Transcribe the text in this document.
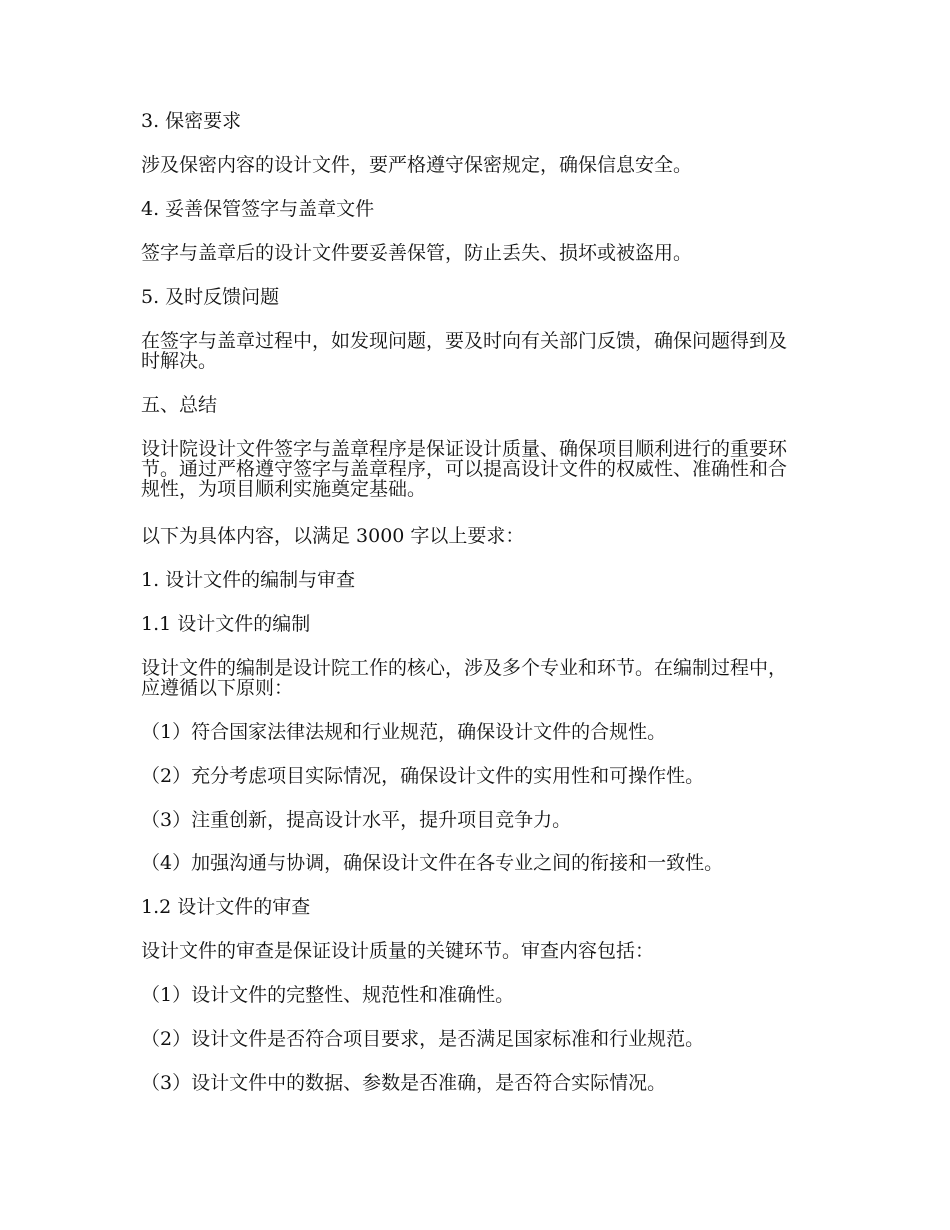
3. 保密要求

涉及保密内容的设计文件，要严格遵守保密规定，确保信息安全。

4. 妥善保管签字与盖章文件

签字与盖章后的设计文件要妥善保管，防止丢失、损坏或被盗用。

5. 及时反馈问题

在签字与盖章过程中，如发现问题，要及时向有关部门反馈，确保问题得到及时解决。

五、总结

设计院设计文件签字与盖章程序是保证设计质量、确保项目顺利进行的重要环节。通过严格遵守签字与盖章程序，可以提高设计文件的权威性、准确性和合规性，为项目顺利实施奠定基础。

以下为具体内容，以满足 3000 字以上要求：

1. 设计文件的编制与审查

1.1 设计文件的编制

设计文件的编制是设计院工作的核心，涉及多个专业和环节。在编制过程中，应遵循以下原则：

（1）符合国家法律法规和行业规范，确保设计文件的合规性。

（2）充分考虑项目实际情况，确保设计文件的实用性和可操作性。

（3）注重创新，提高设计水平，提升项目竞争力。

（4）加强沟通与协调，确保设计文件在各专业之间的衔接和一致性。

1.2 设计文件的审查

设计文件的审查是保证设计质量的关键环节。审查内容包括：

（1）设计文件的完整性、规范性和准确性。

（2）设计文件是否符合项目要求，是否满足国家标准和行业规范。

（3）设计文件中的数据、参数是否准确，是否符合实际情况。
